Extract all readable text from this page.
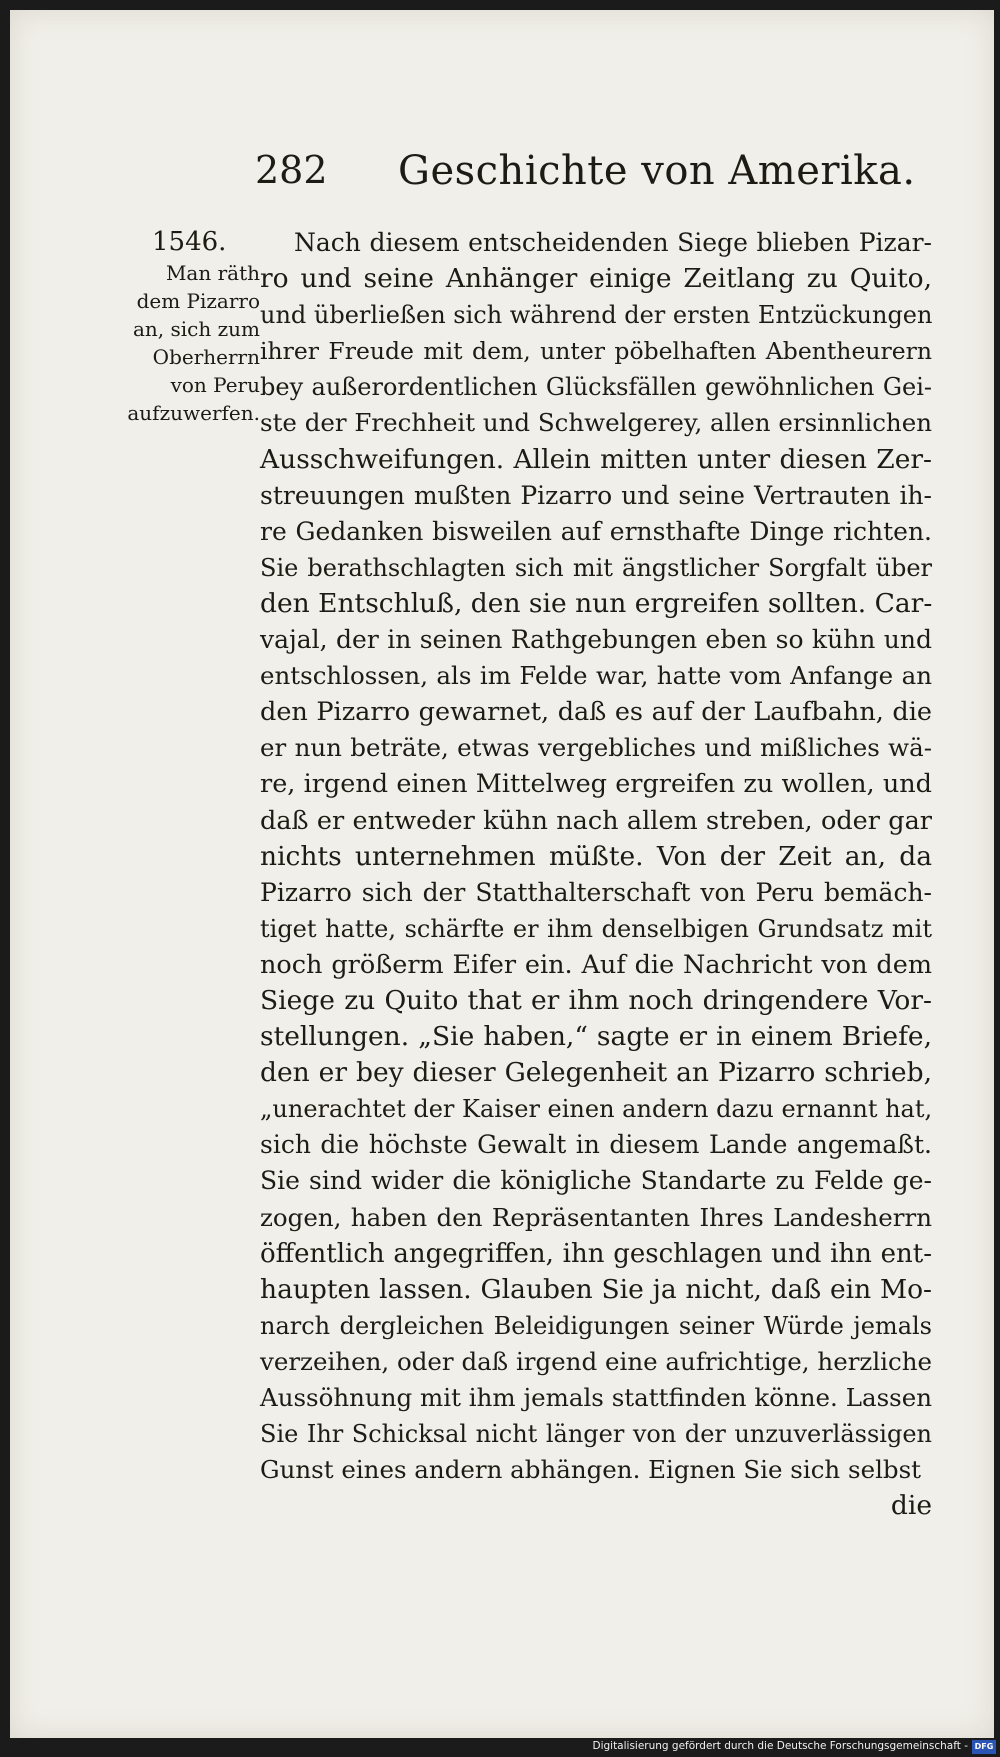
282 Geschichte von Amerika.
1546.
Man räth
dem Pizarro
an, sich zum
Oberherrn
von Peru
aufzuwerfen.
Nach diesem entscheidenden Siege blieben Pizar-
ro und seine Anhänger einige Zeitlang zu Quito,
und überließen sich während der ersten Entzückungen
ihrer Freude mit dem, unter pöbelhaften Abentheurern
bey außerordentlichen Glücksfällen gewöhnlichen Gei-
ste der Frechheit und Schwelgerey, allen ersinnlichen
Ausschweifungen. Allein mitten unter diesen Zer-
streuungen mußten Pizarro und seine Vertrauten ih-
re Gedanken bisweilen auf ernsthafte Dinge richten.
Sie berathschlagten sich mit ängstlicher Sorgfalt über
den Entschluß, den sie nun ergreifen sollten. Car-
vajal, der in seinen Rathgebungen eben so kühn und
entschlossen, als im Felde war, hatte vom Anfange an
den Pizarro gewarnet, daß es auf der Laufbahn, die
er nun beträte, etwas vergebliches und mißliches wä-
re, irgend einen Mittelweg ergreifen zu wollen, und
daß er entweder kühn nach allem streben, oder gar
nichts unternehmen müßte. Von der Zeit an, da
Pizarro sich der Statthalterschaft von Peru bemäch-
tiget hatte, schärfte er ihm denselbigen Grundsatz mit
noch größerm Eifer ein. Auf die Nachricht von dem
Siege zu Quito that er ihm noch dringendere Vor-
stellungen. „Sie haben,“ sagte er in einem Briefe,
den er bey dieser Gelegenheit an Pizarro schrieb,
„unerachtet der Kaiser einen andern dazu ernannt hat,
sich die höchste Gewalt in diesem Lande angemaßt.
Sie sind wider die königliche Standarte zu Felde ge-
zogen, haben den Repräsentanten Ihres Landesherrn
öffentlich angegriffen, ihn geschlagen und ihn ent-
haupten lassen. Glauben Sie ja nicht, daß ein Mo-
narch dergleichen Beleidigungen seiner Würde jemals
verzeihen, oder daß irgend eine aufrichtige, herzliche
Aussöhnung mit ihm jemals stattfinden könne. Lassen
Sie Ihr Schicksal nicht länger von der unzuverlässigen
Gunst eines andern abhängen. Eignen Sie sich selbst
die
Digitalisierung gefördert durch die Deutsche Forschungsgemeinschaft - DFG
